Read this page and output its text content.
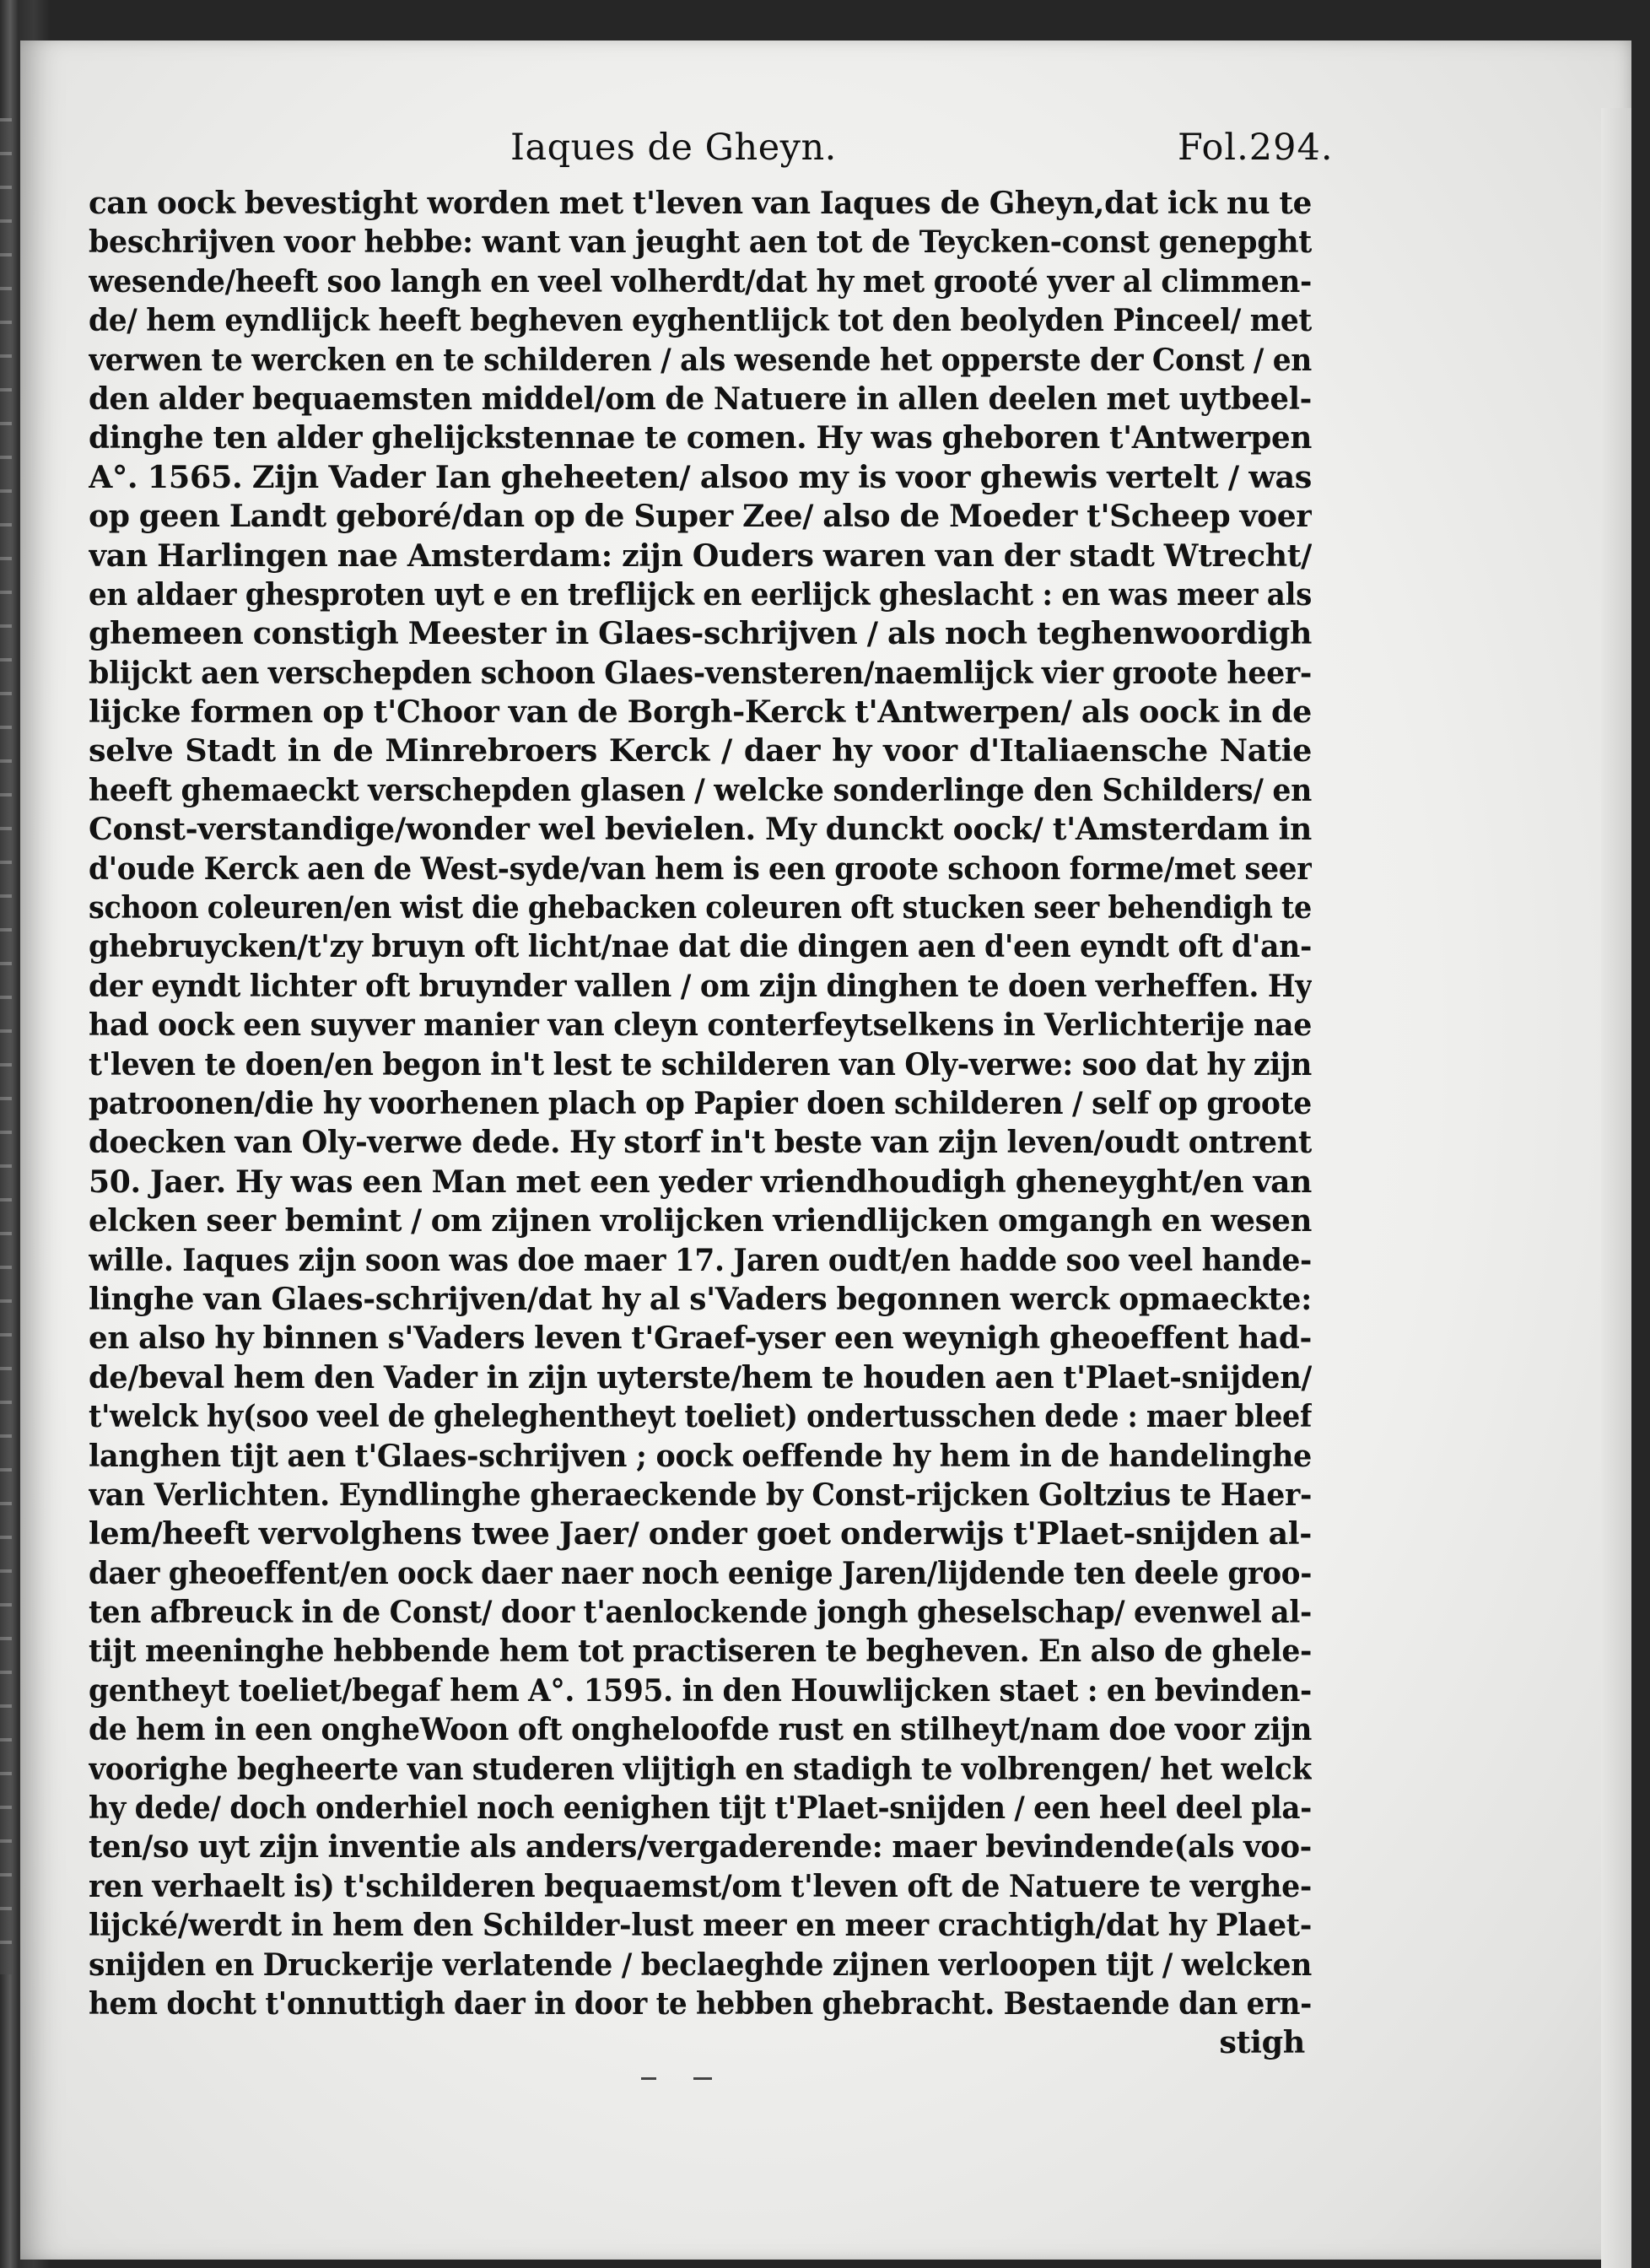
Iaques de Gheyn.	Fol.294.
can oock bevestight worden met t'leven van Iaques de Gheyn,dat ick nu te
beschrijven voor hebbe: want van jeught aen tot de Teycken-const genepght
wesende/heeft soo langh en veel volherdt/dat hy met grooté yver al climmen-
de/ hem eyndlijck heeft begheven eyghentlijck tot den beolyden Pinceel/ met
verwen te wercken en te schilderen / als wesende het opperste der Const / en
den alder bequaemsten middel/om de Natuere in allen deelen met uytbeel-
dinghe ten alder ghelijckstennae te comen. Hy was gheboren t'Antwerpen
A°. 1565. Zijn Vader Ian gheheeten/ alsoo my is voor ghewis vertelt / was
op geen Landt geboré/dan op de Super Zee/ also de Moeder t'Scheep voer
van Harlingen nae Amsterdam: zijn Ouders waren van der stadt Wtrecht/
en aldaer ghesproten uyt e en treflijck en eerlijck gheslacht : en was meer als
ghemeen constigh Meester in Glaes-schrijven / als noch teghenwoordigh
blijckt aen verschepden schoon Glaes-vensteren/naemlijck vier groote heer-
lijcke formen op t'Choor van de Borgh-Kerck t'Antwerpen/ als oock in de
selve Stadt in de Minrebroers Kerck / daer hy voor d'Italiaensche Natie
heeft ghemaeckt verschepden glasen / welcke sonderlinge den Schilders/ en
Const-verstandige/wonder wel bevielen. My dunckt oock/ t'Amsterdam in
d'oude Kerck aen de West-syde/van hem is een groote schoon forme/met seer
schoon coleuren/en wist die ghebacken coleuren oft stucken seer behendigh te
ghebruycken/t'zy bruyn oft licht/nae dat die dingen aen d'een eyndt oft d'an-
der eyndt lichter oft bruynder vallen / om zijn dinghen te doen verheffen. Hy
had oock een suyver manier van cleyn conterfeytselkens in Verlichterije nae
t'leven te doen/en begon in't lest te schilderen van Oly-verwe: soo dat hy zijn
patroonen/die hy voorhenen plach op Papier doen schilderen / self op groote
doecken van Oly-verwe dede. Hy storf in't beste van zijn leven/oudt ontrent
50. Jaer. Hy was een Man met een yeder vriendhoudigh gheneyght/en van
elcken seer bemint / om zijnen vrolijcken vriendlijcken omgangh en wesen
wille. Iaques zijn soon was doe maer 17. Jaren oudt/en hadde soo veel hande-
linghe van Glaes-schrijven/dat hy al s'Vaders begonnen werck opmaeckte:
en also hy binnen s'Vaders leven t'Graef-yser een weynigh gheoeffent had-
de/beval hem den Vader in zijn uyterste/hem te houden aen t'Plaet-snijden/
t'welck hy(soo veel de gheleghentheyt toeliet) ondertusschen dede : maer bleef
langhen tijt aen t'Glaes-schrijven ; oock oeffende hy hem in de handelinghe
van Verlichten. Eyndlinghe gheraeckende by Const-rijcken Goltzius te Haer-
lem/heeft vervolghens twee Jaer/ onder goet onderwijs t'Plaet-snijden al-
daer gheoeffent/en oock daer naer noch eenige Jaren/lijdende ten deele groo-
ten afbreuck in de Const/ door t'aenlockende jongh gheselschap/ evenwel al-
tijt meeninghe hebbende hem tot practiseren te begheven. En also de ghele-
gentheyt toeliet/begaf hem A°. 1595. in den Houwlijcken staet : en bevinden-
de hem in een ongheWoon oft ongheloofde rust en stilheyt/nam doe voor zijn
voorighe begheerte van studeren vlijtigh en stadigh te volbrengen/ het welck
hy dede/ doch onderhiel noch eenighen tijt t'Plaet-snijden / een heel deel pla-
ten/so uyt zijn inventie als anders/vergaderende: maer bevindende(als voo-
ren verhaelt is) t'schilderen bequaemst/om t'leven oft de Natuere te verghe-
lijcké/werdt in hem den Schilder-lust meer en meer crachtigh/dat hy Plaet-
snijden en Druckerije verlatende / beclaeghde zijnen verloopen tijt / welcken
hem docht t'onnuttigh daer in door te hebben ghebracht. Bestaende dan ern-
stigh
